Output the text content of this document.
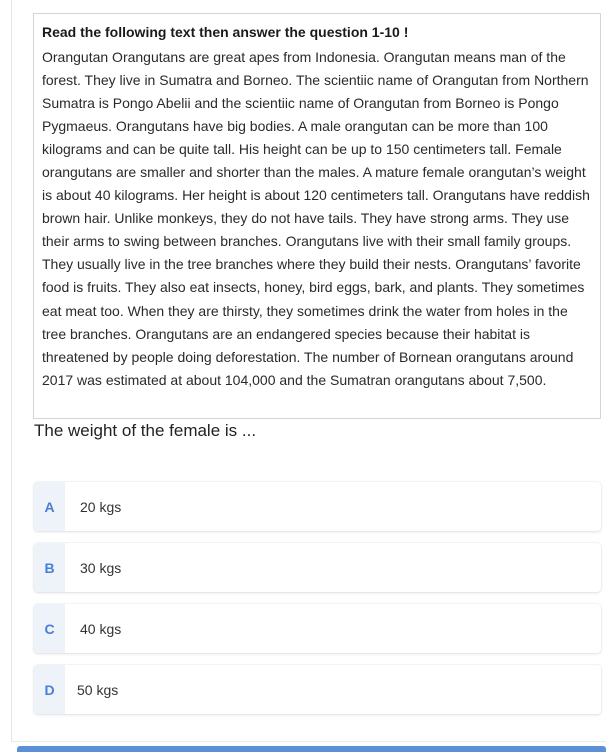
Read the following text then answer the question 1-10 !

Orangutan Orangutans are great apes from Indonesia. Orangutan means man of the forest. They live in Sumatra and Borneo. The scientiic name of Orangutan from Northern Sumatra is Pongo Abelii and the scientiic name of Orangutan from Borneo is Pongo Pygmaeus. Orangutans have big bodies. A male orangutan can be more than 100 kilograms and can be quite tall. His height can be up to 150 centimeters tall. Female orangutans are smaller and shorter than the males. A mature female orangutan’s weight is about 40 kilograms. Her height is about 120 centimeters tall. Orangutans have reddish brown hair. Unlike monkeys, they do not have tails. They have strong arms. They use their arms to swing between branches. Orangutans live with their small family groups. They usually live in the tree branches where they build their nests. Orangutans’ favorite food is fruits. They also eat insects, honey, bird eggs, bark, and plants. They sometimes eat meat too. When they are thirsty, they sometimes drink the water from holes in the tree branches. Orangutans are an endangered species because their habitat is threatened by people doing deforestation. The number of Bornean orangutans around 2017 was estimated at about 104,000 and the Sumatran orangutans about 7,500.

The weight of the female is ...
A	20 kgs
B	30 kgs
C	40 kgs
D	50 kgs
